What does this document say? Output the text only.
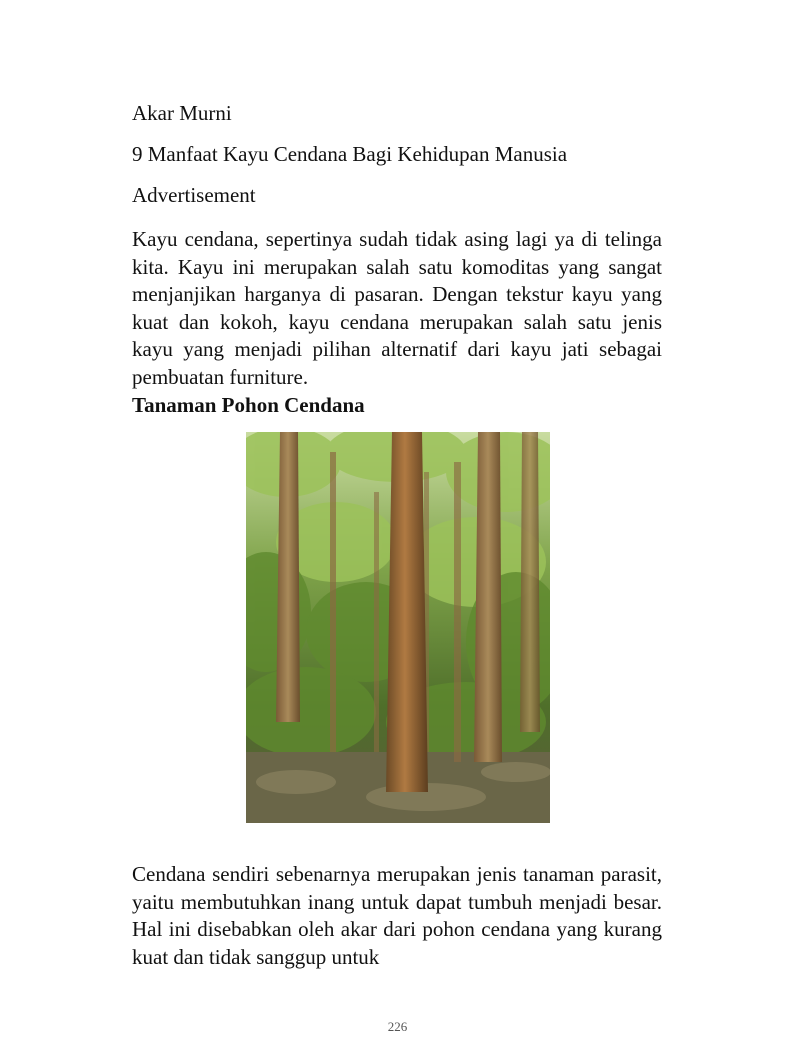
Akar Murni
9 Manfaat Kayu Cendana Bagi Kehidupan Manusia
Advertisement
Kayu cendana, sepertinya sudah tidak asing lagi ya di telinga kita. Kayu ini merupakan salah satu komoditas yang sangat menjanjikan harganya di pasaran. Dengan tekstur kayu yang kuat dan kokoh, kayu cendana merupakan salah satu jenis kayu yang menjadi pilihan alternatif dari kayu jati sebagai pembuatan furniture.
Tanaman Pohon Cendana
Cendana sendiri sebenarnya merupakan jenis tanaman parasit, yaitu membutuhkan inang untuk dapat tumbuh menjadi besar. Hal ini disebabkan oleh akar dari pohon cendana yang kurang kuat dan tidak sanggup untuk
226
